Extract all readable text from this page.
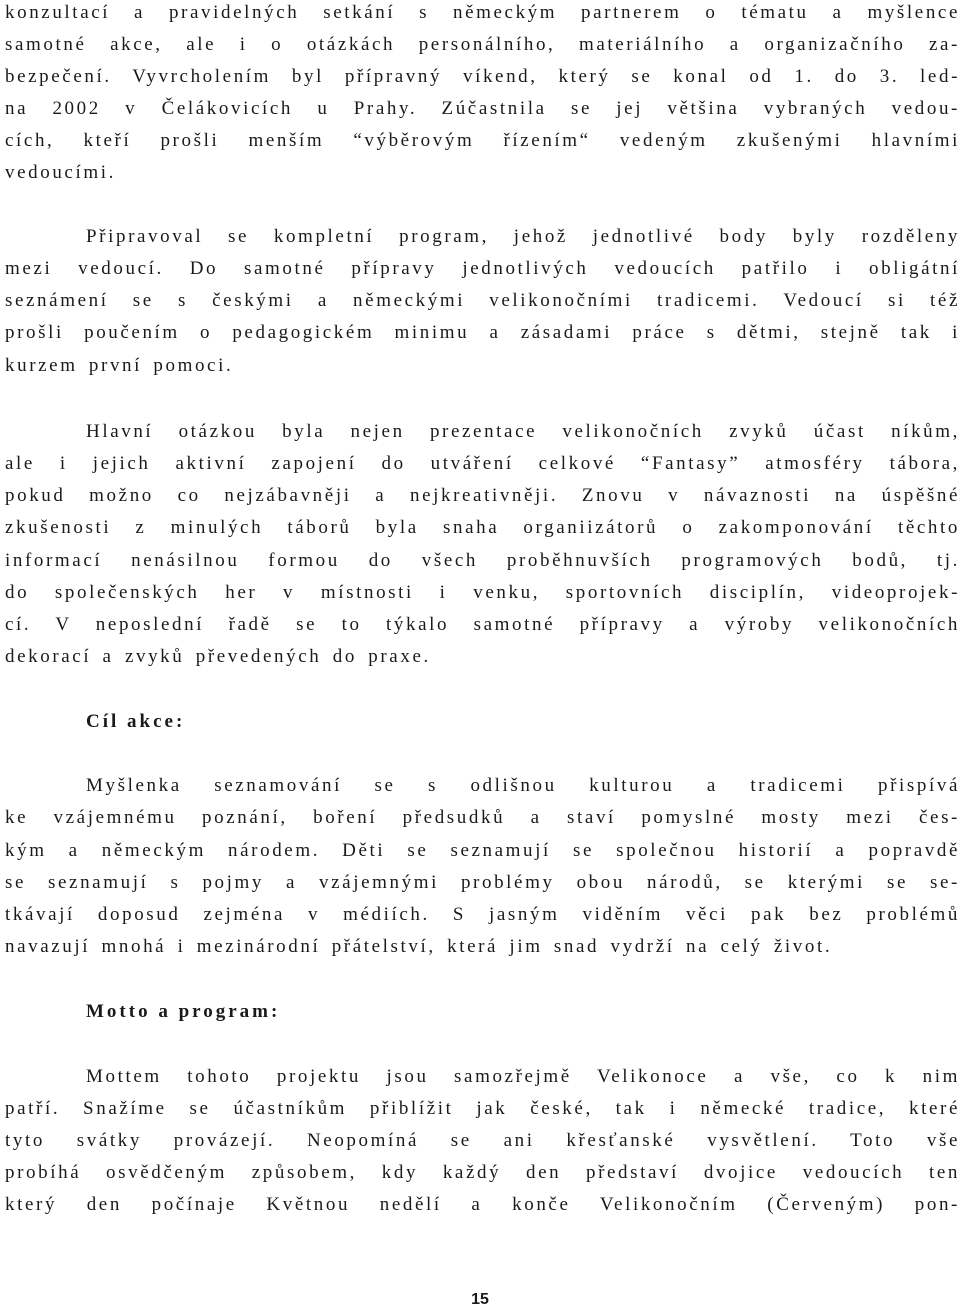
konzultací a pravidelných setkání s německým partnerem o tématu a myšlence
samotné akce, ale i o otázkách personálního, materiálního a organizačního za-
bezpečení. Vyvrcholením byl přípravný víkend, který se konal od 1. do 3. led-
na 2002 v Čelákovicích u Prahy. Zúčastnila se jej většina vybraných vedou-
cích, kteří prošli menším “výběrovým řízením“ vedeným zkušenými hlavními
vedoucími.
Připravoval se kompletní program, jehož jednotlivé body byly rozděleny
mezi vedoucí. Do samotné přípravy jednotlivých vedoucích patřilo i obligátní
seznámení se s českými a německými velikonočními tradicemi. Vedoucí si též
prošli poučením o pedagogickém minimu a zásadami práce s dětmi, stejně tak i
kurzem první pomoci.
Hlavní otázkou byla nejen prezentace velikonočních zvyků účast níkům,
ale i jejich aktivní zapojení do utváření celkové “Fantasy” atmosféry tábora,
pokud možno co nejzábavněji a nejkreativněji. Znovu v návaznosti na úspěšné
zkušenosti z minulých táborů byla snaha organiizátorů o zakomponování těchto
informací nenásilnou formou do všech proběhnuvších programových bodů, tj.
do společenských her v místnosti i venku, sportovních disciplín, videoprojek-
cí. V neposlední řadě se to týkalo samotné přípravy a výroby velikonočních
dekorací a zvyků převedených do praxe.
Cíl akce:
Myšlenka seznamování se s odlišnou kulturou a tradicemi přispívá
ke vzájemnému poznání, boření předsudků a staví pomyslné mosty mezi čes-
kým a německým národem. Děti se seznamují se společnou historií a popravdě
se seznamují s pojmy a vzájemnými problémy obou národů, se kterými se se-
tkávají doposud zejména v médiích. S jasným viděním věci pak bez problémů
navazují mnohá i mezinárodní přátelství, která jim snad vydrží na celý život.
Motto a program:
Mottem tohoto projektu jsou samozřejmě Velikonoce a vše, co k nim
patří. Snažíme se účastníkům přiblížit jak české, tak i německé tradice, které
tyto svátky provázejí. Neopomíná se ani křesťanské vysvětlení. Toto vše
probíhá osvědčeným způsobem, kdy každý den představí dvojice vedoucích ten
který den počínaje Květnou nedělí a konče Velikonočním (Červeným) pon-
15
